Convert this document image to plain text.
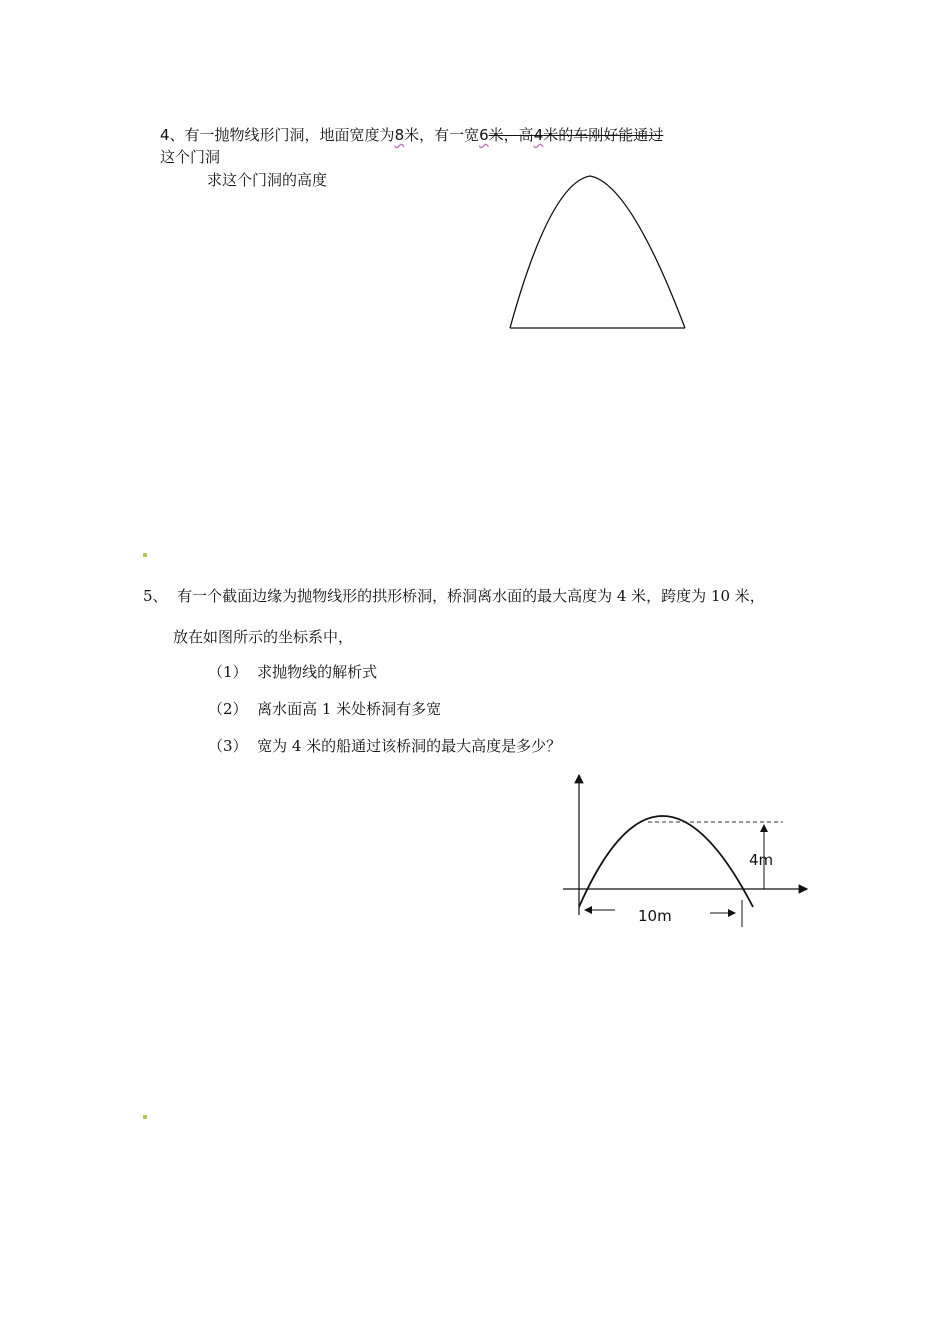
4、有一抛物线形门洞，地面宽度为8米，有一宽6米，高4米的车刚好能通过
这个门洞
求这个门洞的高度
5、 有一个截面边缘为抛物线形的拱形桥洞，桥洞离水面的最大高度为 4 米，跨度为 10 米，
放在如图所示的坐标系中，
（1） 求抛物线的解析式
（2） 离水面高 1 米处桥洞有多宽
（3） 宽为 4 米的船通过该桥洞的最大高度是多少？
4m
10m
